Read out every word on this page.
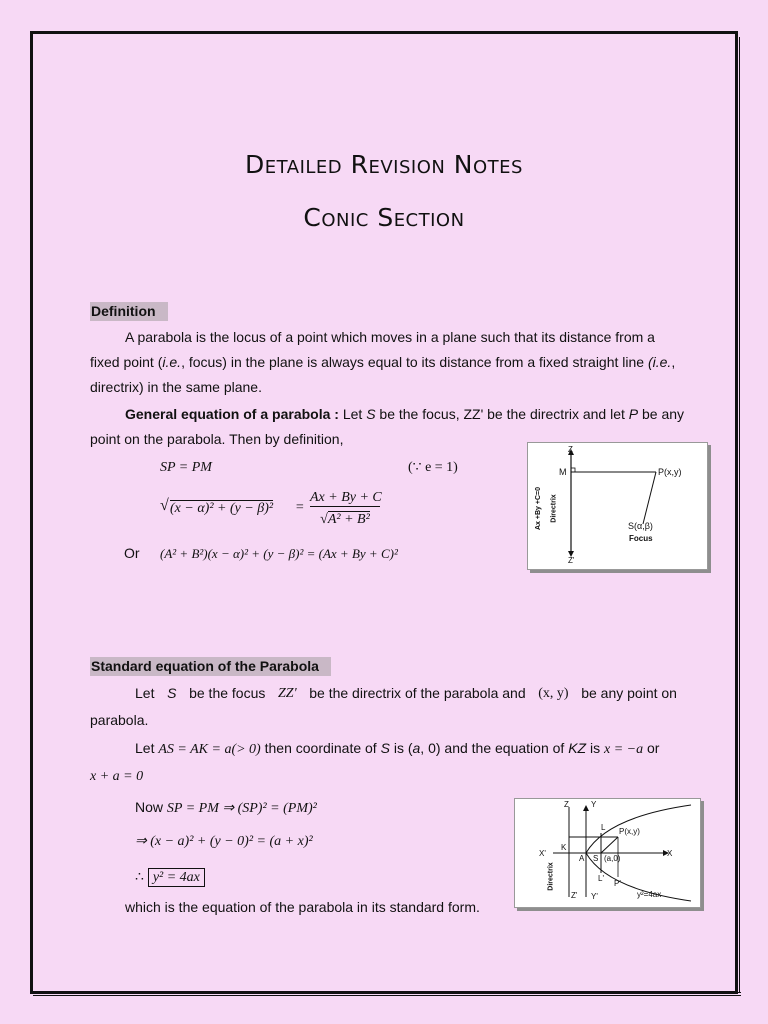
Detailed Revision Notes
Conic Section
Definition
A parabola is the locus of a point which moves in a plane such that its distance from a
fixed point (i.e., focus) in the plane is always equal to its distance from a fixed straight line (i.e.,
directrix) in the same plane.
General equation of a parabola : Let S be the focus, ZZ' be the directrix and let P be any
point on the parabola. Then by definition,
SP = PM	(∵ e = 1)
√ (x − α)² + (y − β)² =
Ax + By + C
√A² + B²
Or (A² + B²)(x − α)² + (y − β)² = (Ax + By + C)²
Z
Z'
M	P(x,y)
S(α,β)
Focus
Ax +By +C=0 Directrix
Standard equation of the Parabola
Let S be the focus ZZ' be the directrix of the parabola and (x, y) be any point on
parabola.
Let AS = AK = a(> 0) then coordinate of S is (a, 0) and the equation of KZ is x = −a or
x + a = 0
Now SP = PM ⇒ (SP)² = (PM)²
⇒ (x − a)² + (y − 0)² = (a + x)²
∴ y² = 4ax
which is the equation of the parabola in its standard form.
Z	Y
L P(x,y)
X'	X
K
A S (a,0)
L'
P'
Z' Y'	y²=4ax
Directrix
